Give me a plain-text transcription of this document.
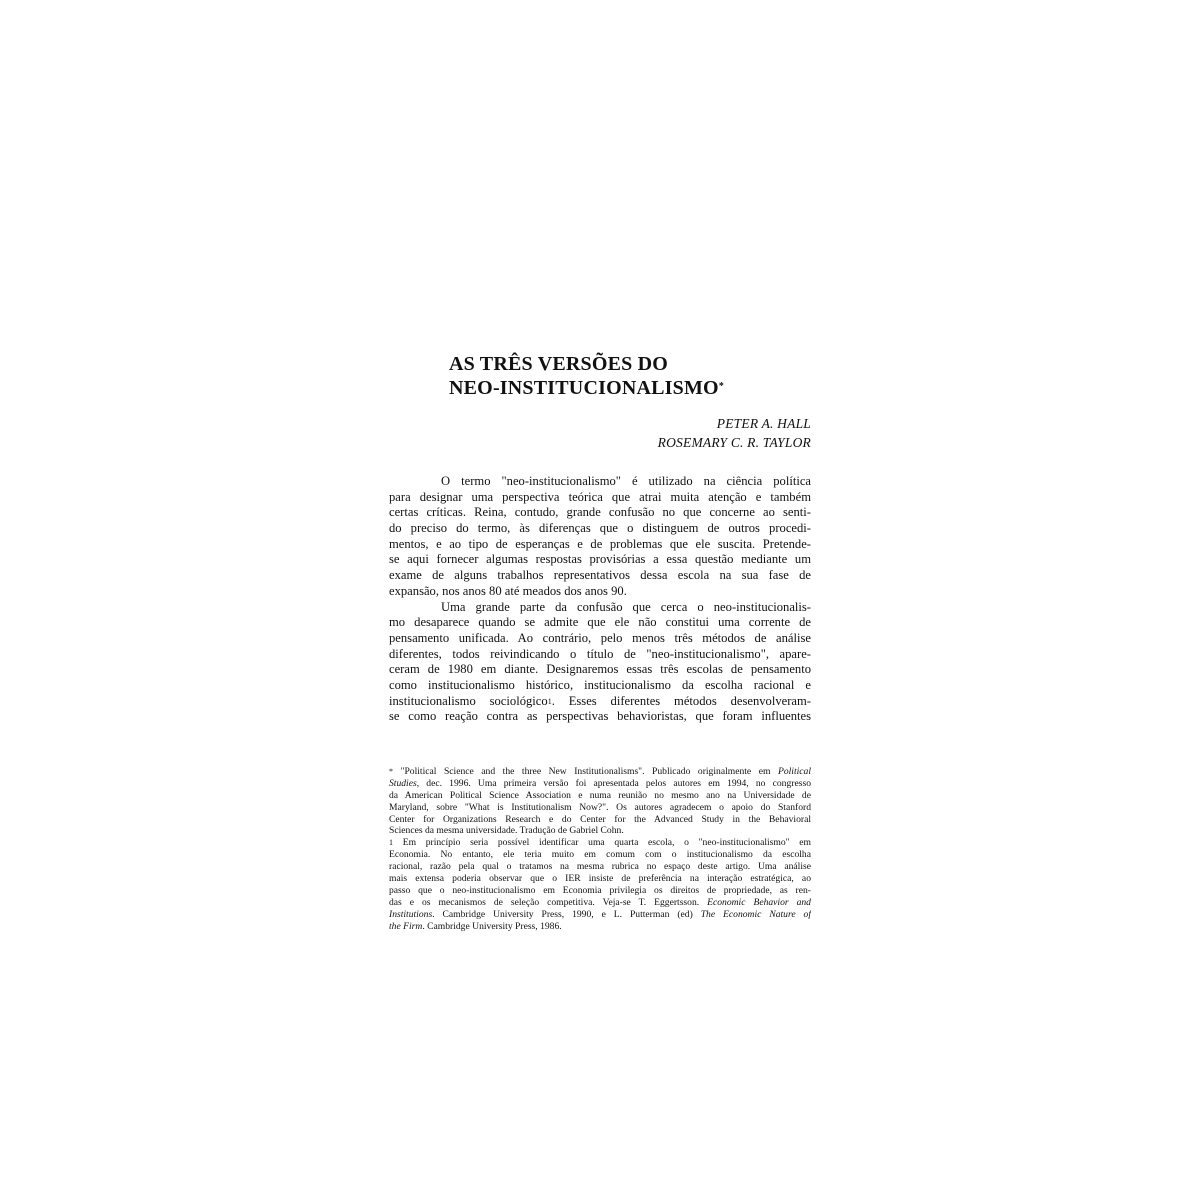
AS TRÊS VERSÕES DO
NEO-INSTITUCIONALISMO*
PETER A. HALL
ROSEMARY C. R. TAYLOR
O termo "neo-institucionalismo" é utilizado na ciência política
para designar uma perspectiva teórica que atrai muita atenção e também
certas críticas. Reina, contudo, grande confusão no que concerne ao senti-
do preciso do termo, às diferenças que o distinguem de outros procedi-
mentos, e ao tipo de esperanças e de problemas que ele suscita. Pretende-
se aqui fornecer algumas respostas provisórias a essa questão mediante um
exame de alguns trabalhos representativos dessa escola na sua fase de
expansão, nos anos 80 até meados dos anos 90.
Uma grande parte da confusão que cerca o neo-institucionalis-
mo desaparece quando se admite que ele não constitui uma corrente de
pensamento unificada. Ao contrário, pelo menos três métodos de análise
diferentes, todos reivindicando o título de "neo-institucionalismo", apare-
ceram de 1980 em diante. Designaremos essas três escolas de pensamento
como institucionalismo histórico, institucionalismo da escolha racional e
institucionalismo sociológico$^1$. Esses diferentes métodos desenvolveram-
se como reação contra as perspectivas behavioristas, que foram influentes
* "Political Science and the three New Institutionalisms". Publicado originalmente em Political
Studies, dec. 1996. Uma primeira versão foi apresentada pelos autores em 1994, no congresso
da American Political Science Association e numa reunião no mesmo ano na Universidade de
Maryland, sobre "What is Institutionalism Now?". Os autores agradecem o apoio do Stanford
Center for Organizations Research e do Center for the Advanced Study in the Behavioral
Sciences da mesma universidade. Tradução de Gabriel Cohn.
$^1$ Em princípio seria possível identificar uma quarta escola, o "neo-institucionalismo" em
Economia. No entanto, ele teria muito em comum com o institucionalismo da escolha
racional, razão pela qual o tratamos na mesma rubrica no espaço deste artigo. Uma análise
mais extensa poderia observar que o IER insiste de preferência na interação estratégica, ao
passo que o neo-institucionalismo em Economia privilegia os direitos de propriedade, as ren-
das e os mecanismos de seleção competitiva. Veja-se T. Eggertsson. Economic Behavior and
Institutions. Cambridge University Press, 1990, e L. Putterman (ed) The Economic Nature of
the Firm. Cambridge University Press, 1986.
